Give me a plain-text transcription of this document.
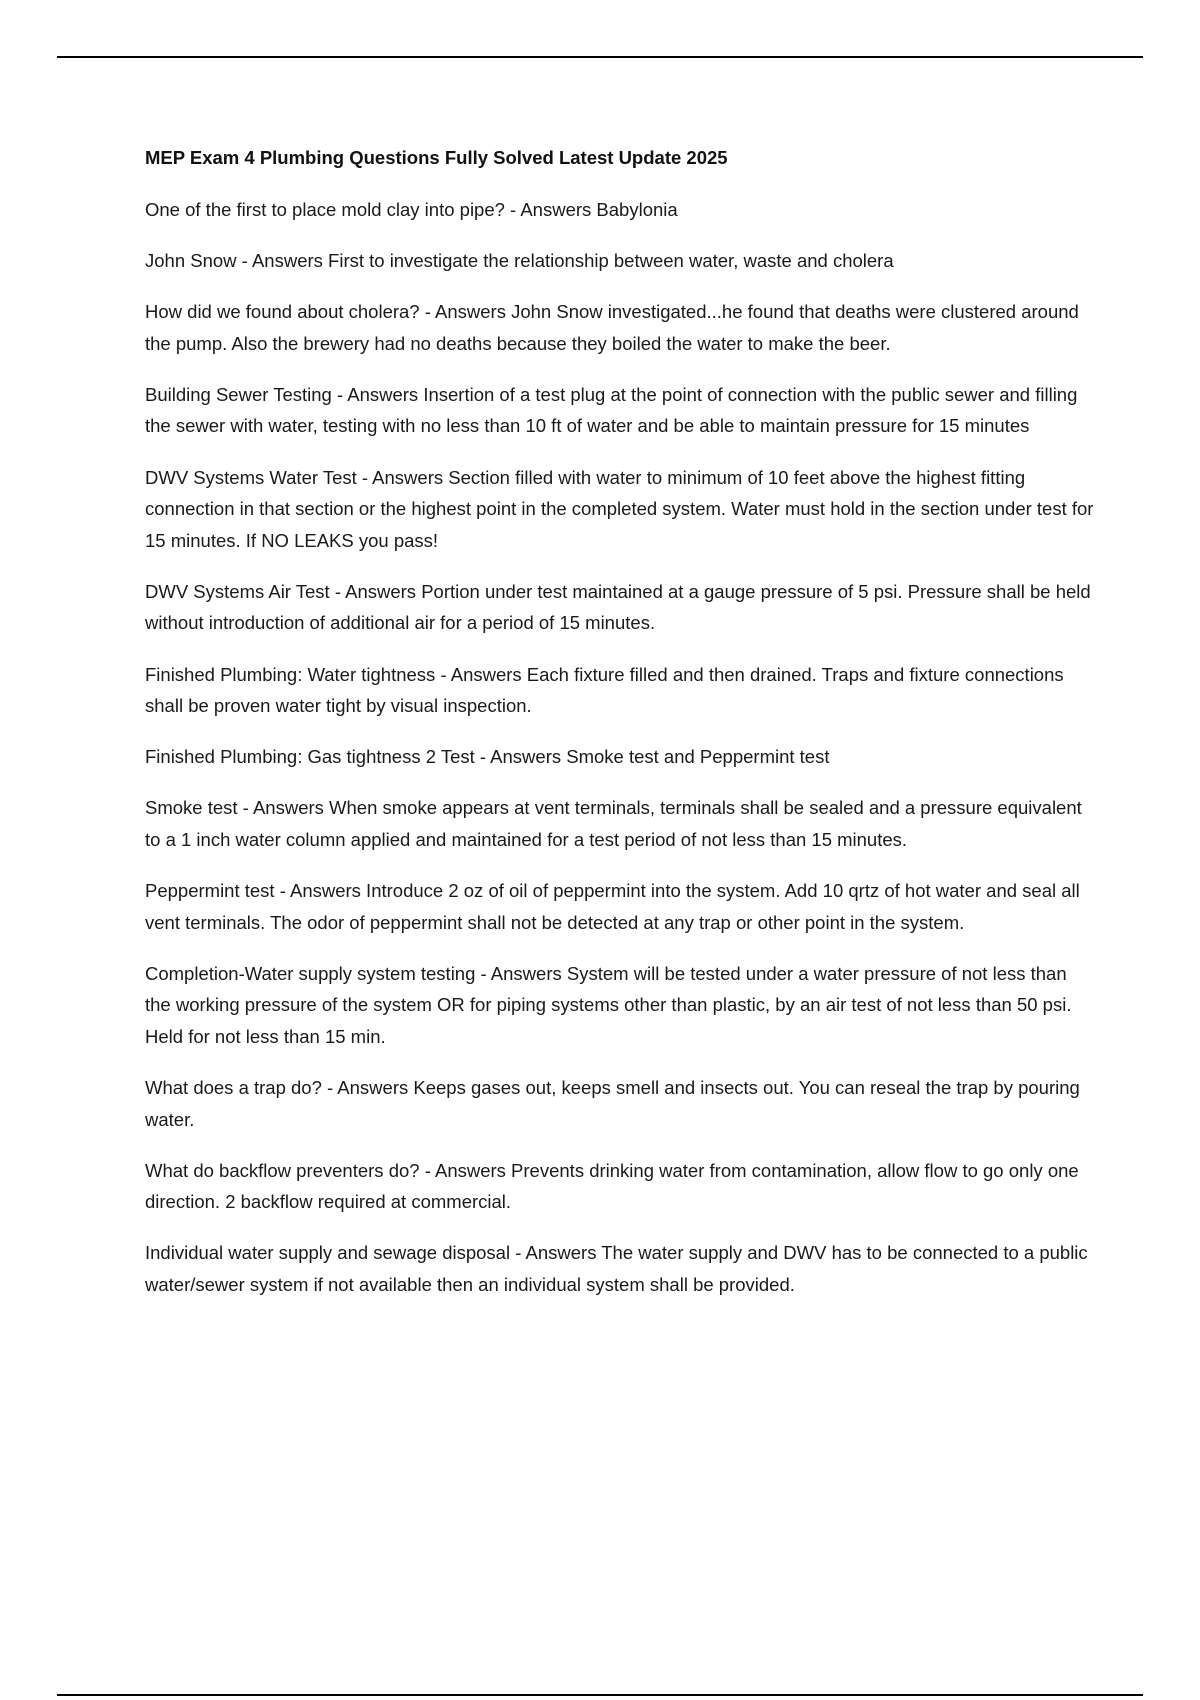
MEP Exam 4 Plumbing Questions Fully Solved Latest Update 2025

One of the first to place mold clay into pipe? - Answers Babylonia

John Snow - Answers First to investigate the relationship between water, waste and cholera

How did we found about cholera? - Answers John Snow investigated...he found that deaths were clustered around the pump. Also the brewery had no deaths because they boiled the water to make the beer.

Building Sewer Testing - Answers Insertion of a test plug at the point of connection with the public sewer and filling the sewer with water, testing with no less than 10 ft of water and be able to maintain pressure for 15 minutes

DWV Systems Water Test - Answers Section filled with water to minimum of 10 feet above the highest fitting connection in that section or the highest point in the completed system. Water must hold in the section under test for 15 minutes. If NO LEAKS you pass!

DWV Systems Air Test - Answers Portion under test maintained at a gauge pressure of 5 psi. Pressure shall be held without introduction of additional air for a period of 15 minutes.

Finished Plumbing: Water tightness - Answers Each fixture filled and then drained. Traps and fixture connections shall be proven water tight by visual inspection.

Finished Plumbing: Gas tightness 2 Test - Answers Smoke test and Peppermint test

Smoke test - Answers When smoke appears at vent terminals, terminals shall be sealed and a pressure equivalent to a 1 inch water column applied and maintained for a test period of not less than 15 minutes.

Peppermint test - Answers Introduce 2 oz of oil of peppermint into the system. Add 10 qrtz of hot water and seal all vent terminals. The odor of peppermint shall not be detected at any trap or other point in the system.

Completion-Water supply system testing - Answers System will be tested under a water pressure of not less than the working pressure of the system OR for piping systems other than plastic, by an air test of not less than 50 psi. Held for not less than 15 min.

What does a trap do? - Answers Keeps gases out, keeps smell and insects out. You can reseal the trap by pouring water.

What do backflow preventers do? - Answers Prevents drinking water from contamination, allow flow to go only one direction. 2 backflow required at commercial.

Individual water supply and sewage disposal - Answers The water supply and DWV has to be connected to a public water/sewer system if not available then an individual system shall be provided.
